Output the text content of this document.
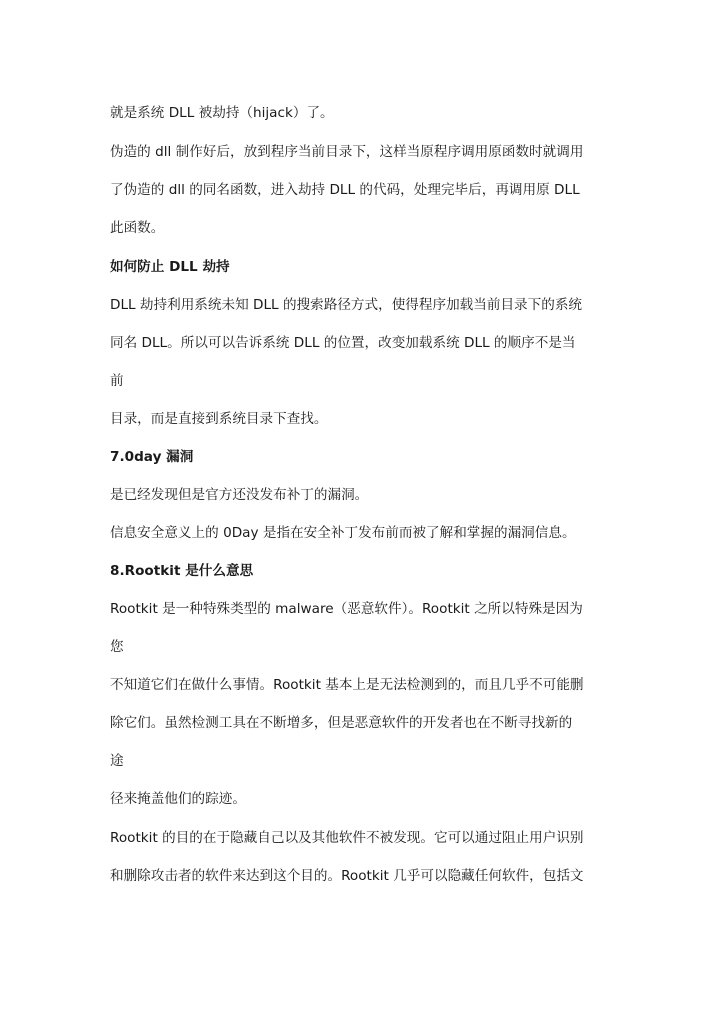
就是系统 DLL 被劫持（hijack）了。
伪造的 dll 制作好后，放到程序当前目录下，这样当原程序调用原函数时就调用
了伪造的 dll 的同名函数，进入劫持 DLL 的代码，处理完毕后，再调用原 DLL
此函数。
如何防止 DLL 劫持
DLL 劫持利用系统未知 DLL 的搜索路径方式，使得程序加载当前目录下的系统
同名 DLL。所以可以告诉系统 DLL 的位置，改变加载系统 DLL 的顺序不是当
前
目录，而是直接到系统目录下查找。
7.0day 漏洞
是已经发现但是官方还没发布补丁的漏洞。
信息安全意义上的 0Day 是指在安全补丁发布前而被了解和掌握的漏洞信息。
8.Rootkit 是什么意思
Rootkit 是一种特殊类型的 malware（恶意软件）。Rootkit 之所以特殊是因为
您
不知道它们在做什么事情。Rootkit 基本上是无法检测到的，而且几乎不可能删
除它们。虽然检测工具在不断增多，但是恶意软件的开发者也在不断寻找新的
途
径来掩盖他们的踪迹。
Rootkit 的目的在于隐藏自己以及其他软件不被发现。它可以通过阻止用户识别
和删除攻击者的软件来达到这个目的。Rootkit 几乎可以隐藏任何软件，包括文
